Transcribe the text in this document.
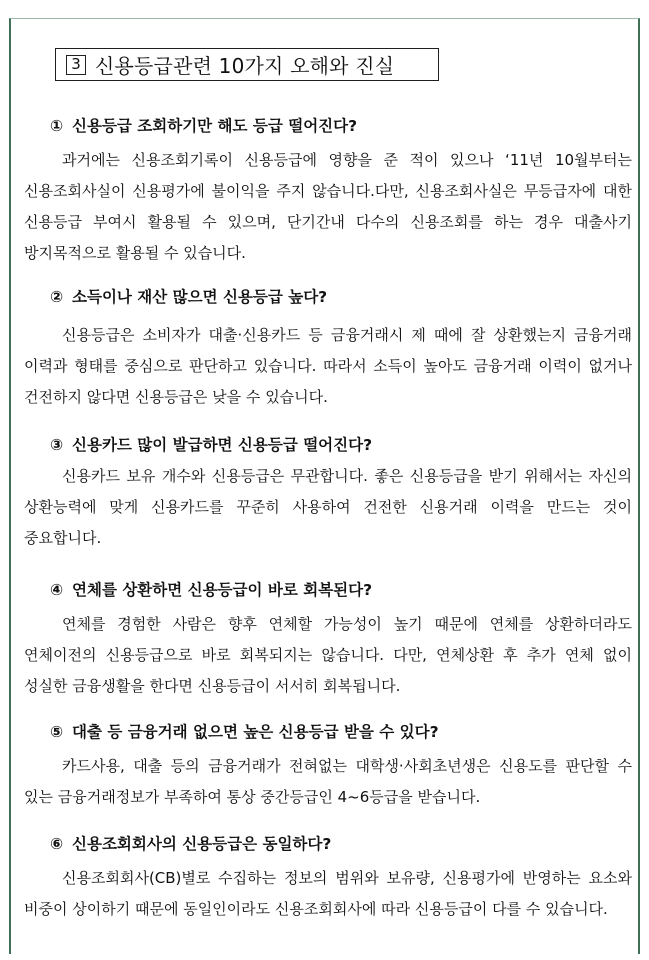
3 신용등급관련 10가지 오해와 진실
① 신용등급 조회하기만 해도 등급 떨어진다?
과거에는 신용조회기록이 신용등급에 영향을 준 적이 있으나 ‘11년 10월부터는 신용조회사실이 신용평가에 불이익을 주지 않습니다.다만, 신용조회사실은 무등급자에 대한 신용등급 부여시 활용될 수 있으며, 단기간내 다수의 신용조회를 하는 경우 대출사기 방지목적으로 활용될 수 있습니다.
② 소득이나 재산 많으면 신용등급 높다?
신용등급은 소비자가 대출·신용카드 등 금융거래시 제 때에 잘 상환했는지 금융거래 이력과 형태를 중심으로 판단하고 있습니다. 따라서 소득이 높아도 금융거래 이력이 없거나 건전하지 않다면 신용등급은 낮을 수 있습니다.
③ 신용카드 많이 발급하면 신용등급 떨어진다?
신용카드 보유 개수와 신용등급은 무관합니다. 좋은 신용등급을 받기 위해서는 자신의 상환능력에 맞게 신용카드를 꾸준히 사용하여 건전한 신용거래 이력을 만드는 것이 중요합니다.
④ 연체를 상환하면 신용등급이 바로 회복된다?
연체를 경험한 사람은 향후 연체할 가능성이 높기 때문에 연체를 상환하더라도 연체이전의 신용등급으로 바로 회복되지는 않습니다. 다만, 연체상환 후 추가 연체 없이 성실한 금융생활을 한다면 신용등급이 서서히 회복됩니다.
⑤ 대출 등 금융거래 없으면 높은 신용등급 받을 수 있다?
카드사용, 대출 등의 금융거래가 전혀없는 대학생·사회초년생은 신용도를 판단할 수 있는 금융거래정보가 부족하여 통상 중간등급인 4~6등급을 받습니다.
⑥ 신용조회회사의 신용등급은 동일하다?
신용조회회사(CB)별로 수집하는 정보의 범위와 보유량, 신용평가에 반영하는 요소와 비중이 상이하기 때문에 동일인이라도 신용조회회사에 따라 신용등급이 다를 수 있습니다.
